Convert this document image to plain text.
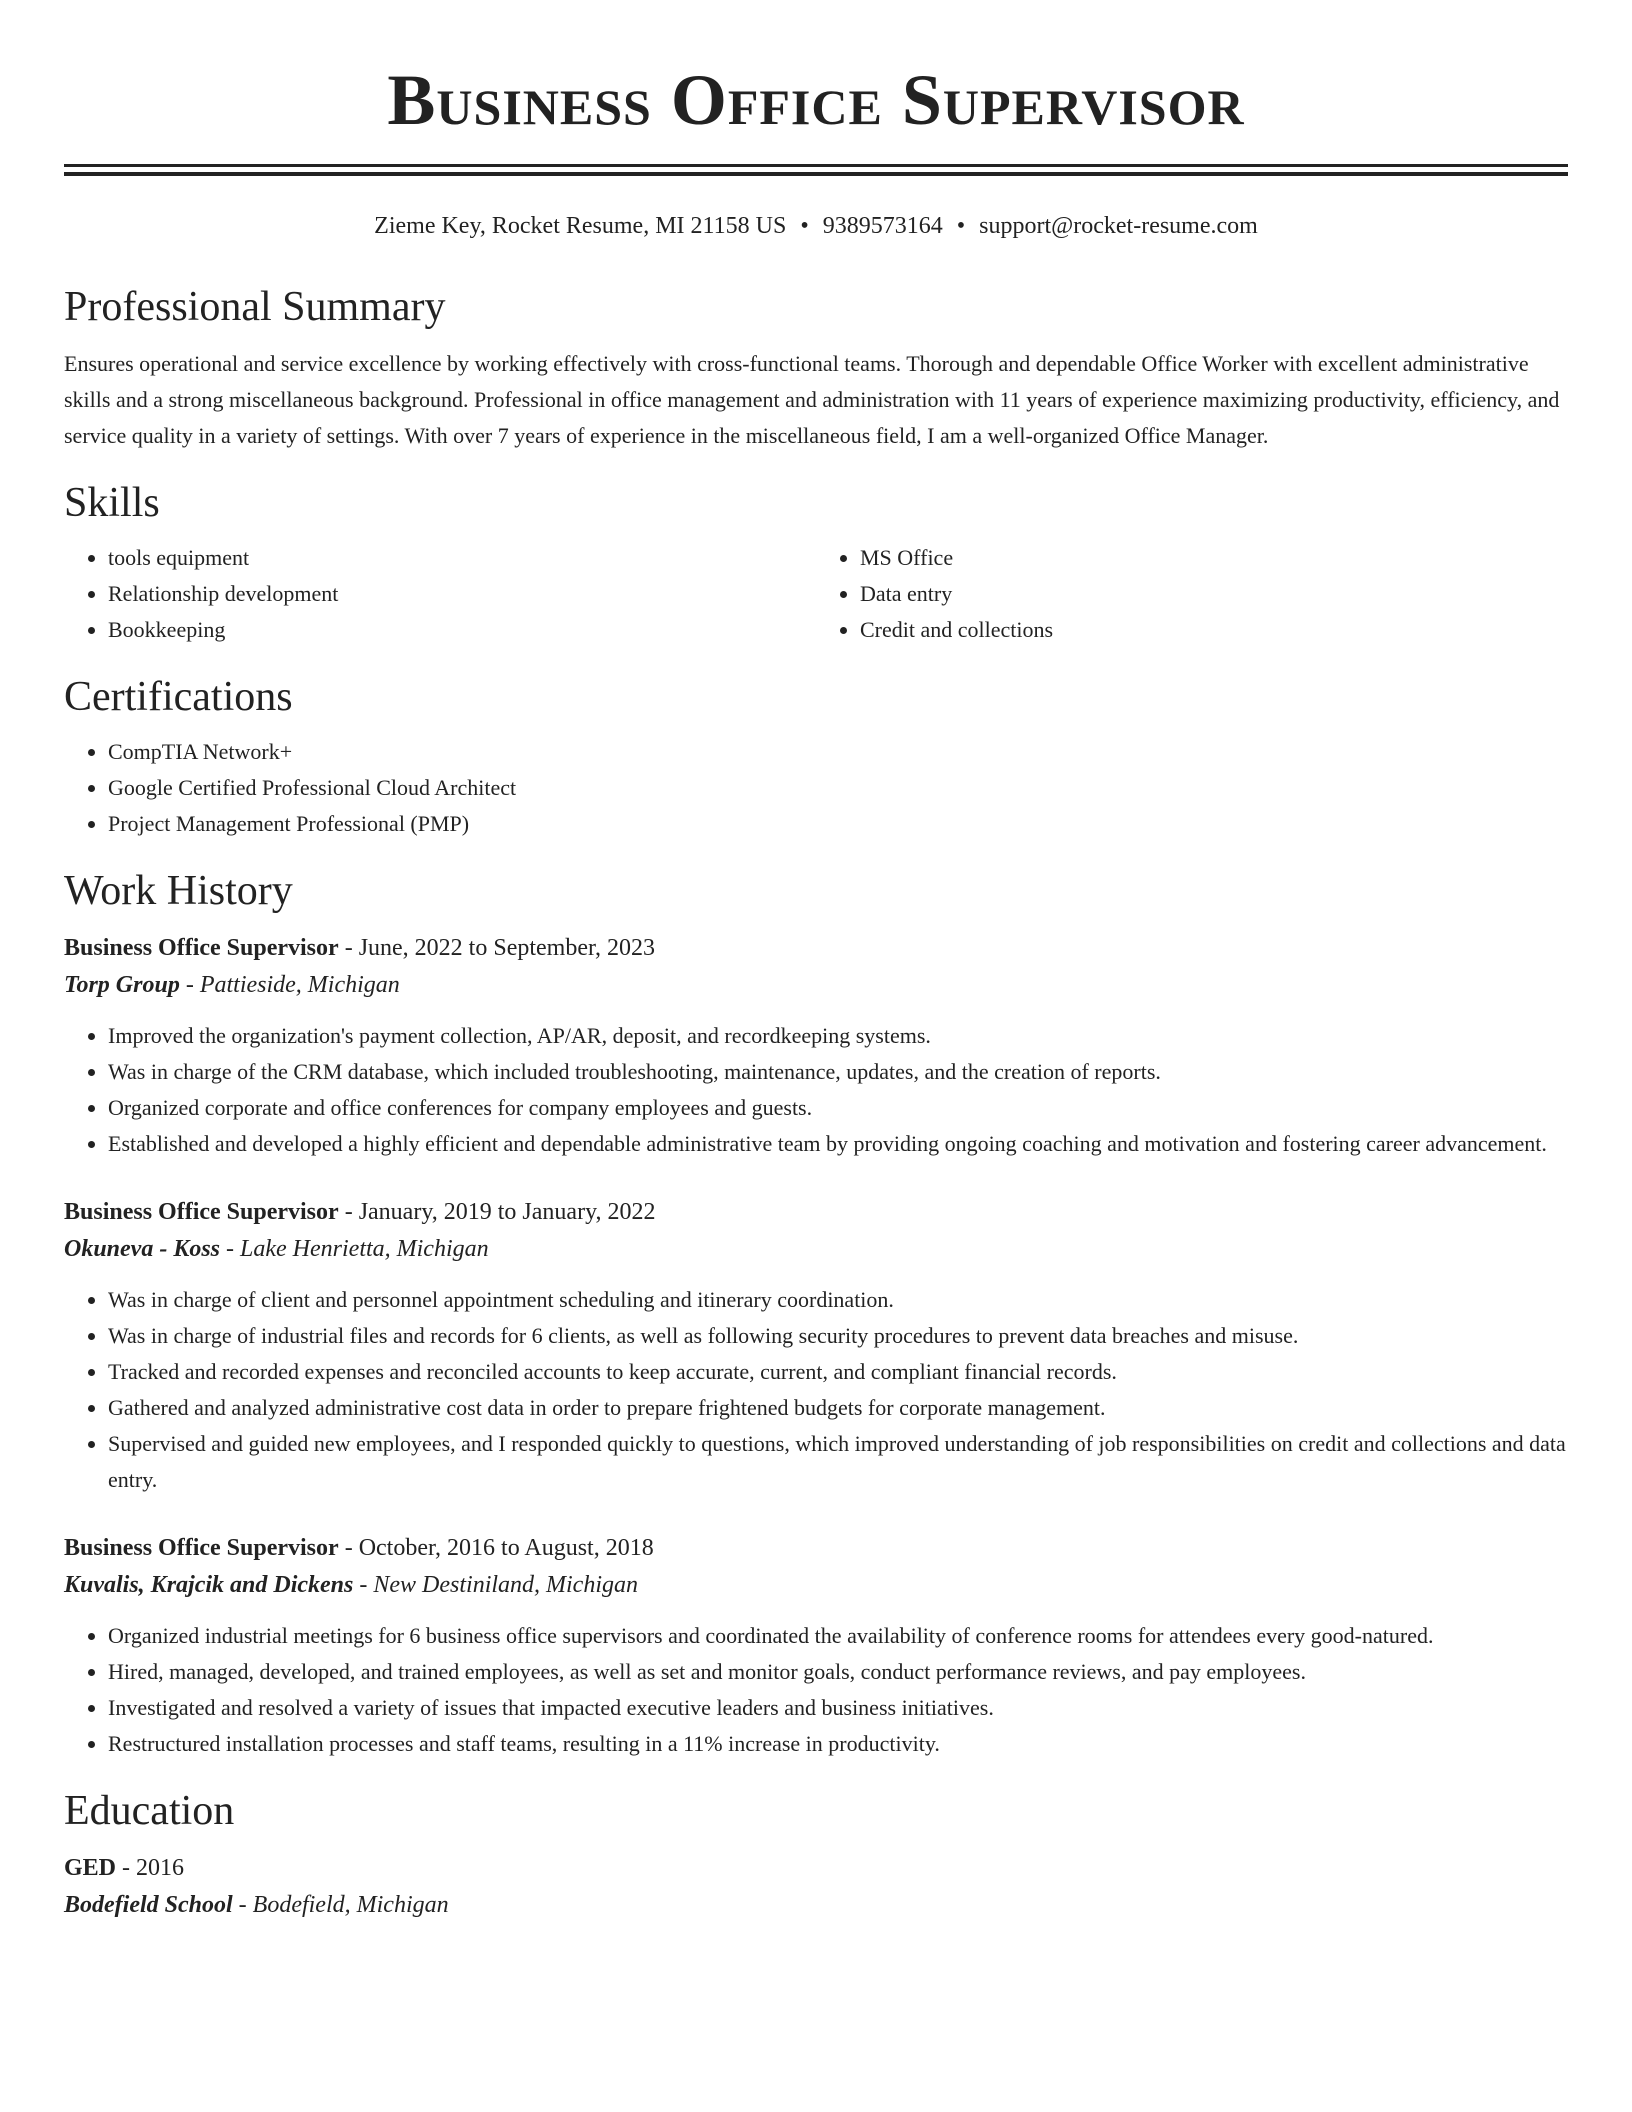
Business Office Supervisor
Zieme Key, Rocket Resume, MI 21158 US • 9389573164 • support@rocket-resume.com
Professional Summary
Ensures operational and service excellence by working effectively with cross-functional teams. Thorough and dependable Office Worker with excellent administrative skills and a strong miscellaneous background. Professional in office management and administration with 11 years of experience maximizing productivity, efficiency, and service quality in a variety of settings. With over 7 years of experience in the miscellaneous field, I am a well-organized Office Manager.
Skills
• tools equipment
• Relationship development
• Bookkeeping
• MS Office
• Data entry
• Credit and collections
Certifications
• CompTIA Network+
• Google Certified Professional Cloud Architect
• Project Management Professional (PMP)
Work History
Business Office Supervisor - June, 2022 to September, 2023
Torp Group - Pattieside, Michigan
• Improved the organization's payment collection, AP/AR, deposit, and recordkeeping systems.
• Was in charge of the CRM database, which included troubleshooting, maintenance, updates, and the creation of reports.
• Organized corporate and office conferences for company employees and guests.
• Established and developed a highly efficient and dependable administrative team by providing ongoing coaching and motivation and fostering career advancement.
Business Office Supervisor - January, 2019 to January, 2022
Okuneva - Koss - Lake Henrietta, Michigan
• Was in charge of client and personnel appointment scheduling and itinerary coordination.
• Was in charge of industrial files and records for 6 clients, as well as following security procedures to prevent data breaches and misuse.
• Tracked and recorded expenses and reconciled accounts to keep accurate, current, and compliant financial records.
• Gathered and analyzed administrative cost data in order to prepare frightened budgets for corporate management.
• Supervised and guided new employees, and I responded quickly to questions, which improved understanding of job responsibilities on credit and collections and data entry.
Business Office Supervisor - October, 2016 to August, 2018
Kuvalis, Krajcik and Dickens - New Destiniland, Michigan
• Organized industrial meetings for 6 business office supervisors and coordinated the availability of conference rooms for attendees every good-natured.
• Hired, managed, developed, and trained employees, as well as set and monitor goals, conduct performance reviews, and pay employees.
• Investigated and resolved a variety of issues that impacted executive leaders and business initiatives.
• Restructured installation processes and staff teams, resulting in a 11% increase in productivity.
Education
GED - 2016
Bodefield School - Bodefield, Michigan
